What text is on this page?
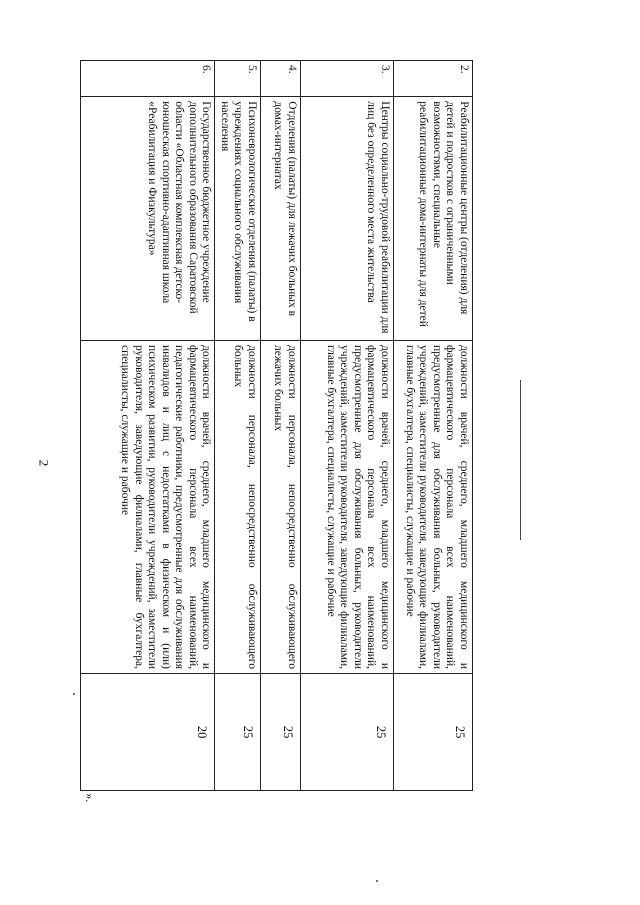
2
2.	Реабилитационные центры (отделения) для детей и подростков с ограниченными возможностями, специальные реабилитационные дома-интернаты для детей	должности врачей, среднего, младшего медицинского и фармацевтического персонала всех наименований, предусмотренные для обслуживания больных, руководители учреждений, заместители руководителя, заведующие филиалами, главные бухгалтера, специалисты, служащие и рабочие	25	
3.	Центры социально-трудовой реабилитации для лиц без определенного места жительства	должности врачей, среднего, младшего медицинского и фармацевтического персонала всех наименований, предусмотренные для обслуживания больных, руководители учреждений, заместители руководителя, заведующие филиалами, главные бухгалтера, специалисты, служащие и рабочие	25	
4.	Отделения (палаты) для лежачих больных в домах-интернатах	должности персонала, непосредственно обслуживающего лежачих больных	25	
5.	Психоневрологические отделения (палаты) в учреждениях социального обслуживания населения	должности персонала, непосредственно обслуживающего больных	25	
6.	Государственное бюджетное учреждение дополнительного образования Саратовской области «Областная комплексная детско-юношеская спортивно-адаптивная школа «Реабилитация и Физкультура»	должности врачей, среднего, младшего медицинского и фармацевтического персонала всех наименований, педагогические работники, предусмотренные для обслуживания инвалидов и лиц с недостатками в физическом и (или) психическом развитии, руководители учреждений, заместители руководителя, заведующие филиалами, главные бухгалтера, специалисты, служащие и рабочие	20	».
